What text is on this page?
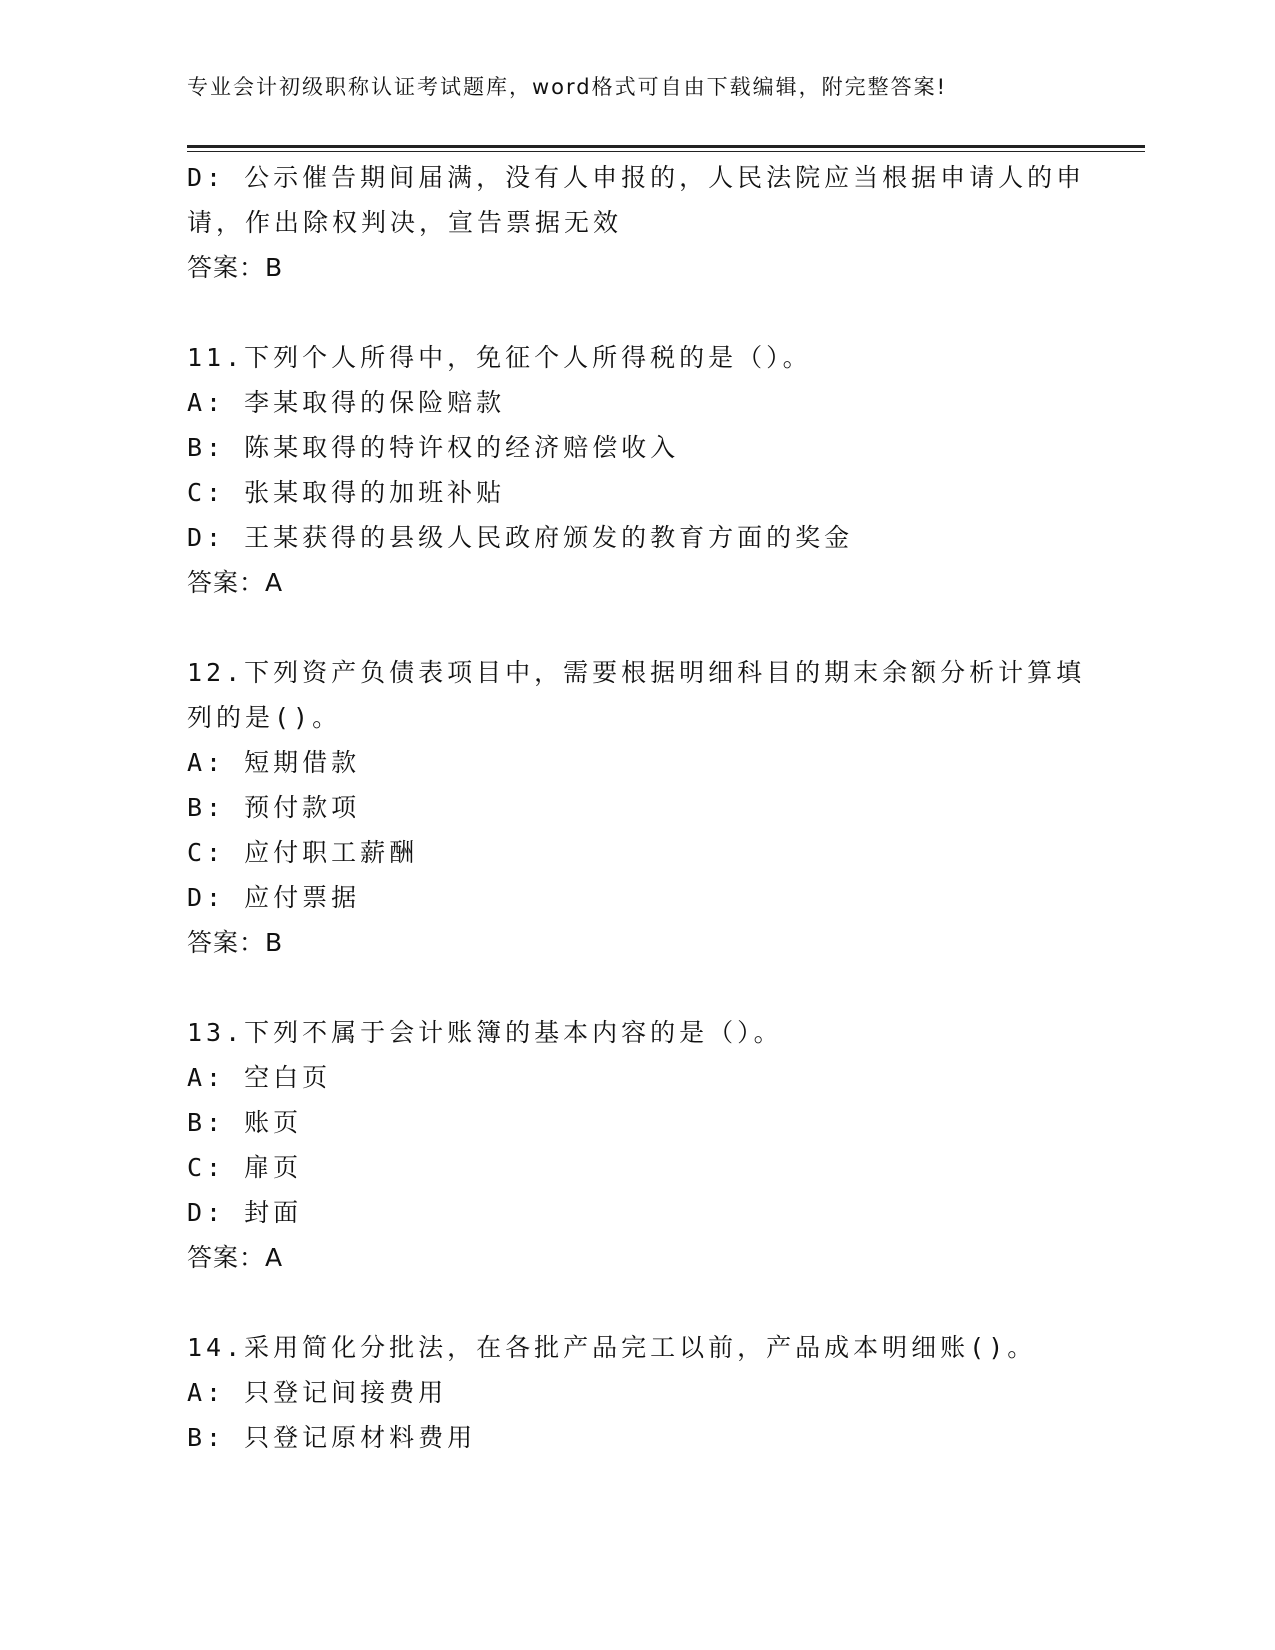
专业会计初级职称认证考试题库，word格式可自由下载编辑，附完整答案!
D: 公示催告期间届满，没有人申报的，人民法院应当根据申请人的申
请，作出除权判决，宣告票据无效
答案：B
11.下列个人所得中，免征个人所得税的是（）。
A: 李某取得的保险赔款
B: 陈某取得的特许权的经济赔偿收入
C: 张某取得的加班补贴
D: 王某获得的县级人民政府颁发的教育方面的奖金
答案：A
12.下列资产负债表项目中，需要根据明细科目的期末余额分析计算填
列的是()。
A: 短期借款
B: 预付款项
C: 应付职工薪酬
D: 应付票据
答案：B
13.下列不属于会计账簿的基本内容的是（）。
A: 空白页
B: 账页
C: 扉页
D: 封面
答案：A
14.采用简化分批法，在各批产品完工以前，产品成本明细账()。
A: 只登记间接费用
B: 只登记原材料费用
